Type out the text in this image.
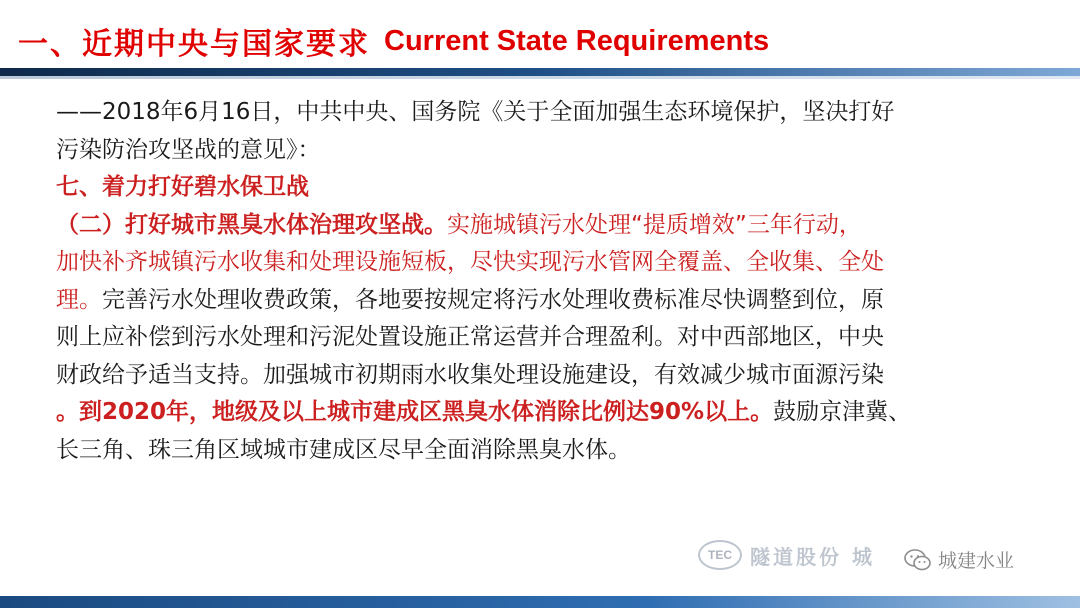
一、近期中央与国家要求 Current State Requirements
——2018年6月16日，中共中央、国务院《关于全面加强生态环境保护，坚决打好
污染防治攻坚战的意见》：
七、着力打好碧水保卫战
（二）打好城市黑臭水体治理攻坚战。实施城镇污水处理“提质增效”三年行动，
加快补齐城镇污水收集和处理设施短板，尽快实现污水管网全覆盖、全收集、全处
理。完善污水处理收费政策，各地要按规定将污水处理收费标准尽快调整到位，原
则上应补偿到污水处理和污泥处置设施正常运营并合理盈利。对中西部地区，中央
财政给予适当支持。加强城市初期雨水收集处理设施建设，有效减少城市面源污染
。到2020年，地级及以上城市建成区黑臭水体消除比例达90%以上。鼓励京津冀、
长三角、珠三角区域城市建成区尽早全面消除黑臭水体。
TEC 隧道股份 城	城建水业
